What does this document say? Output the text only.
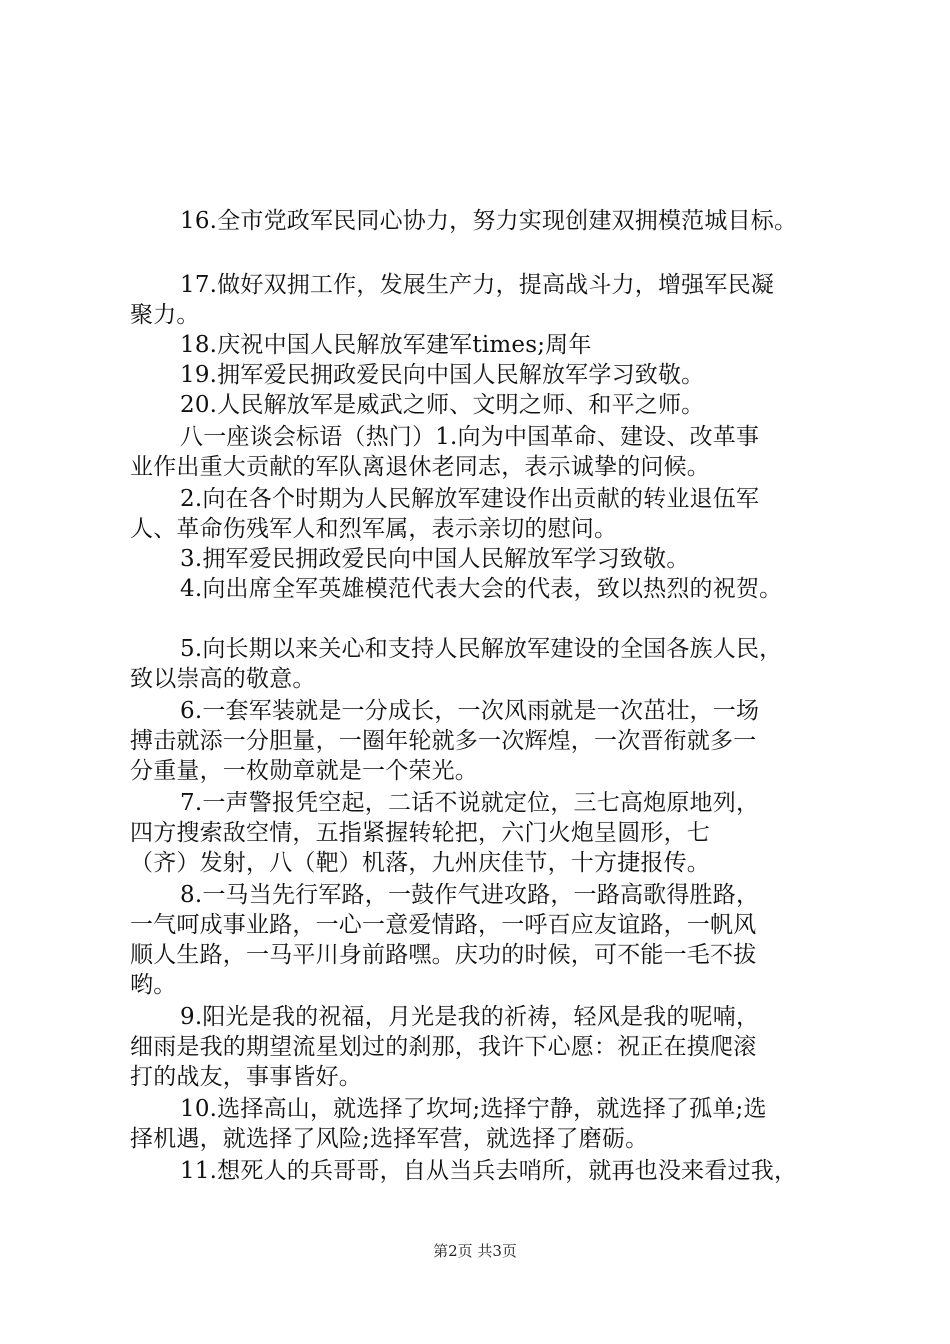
16.全市党政军民同心协力，努力实现创建双拥模范城目标。
17.做好双拥工作，发展生产力，提高战斗力，增强军民凝
聚力。
18.庆祝中国人民解放军建军times;周年
19.拥军爱民拥政爱民向中国人民解放军学习致敬。
20.人民解放军是威武之师、文明之师、和平之师。
八一座谈会标语（热门）1.向为中国革命、建设、改革事
业作出重大贡献的军队离退休老同志，表示诚挚的问候。
2.向在各个时期为人民解放军建设作出贡献的转业退伍军
人、革命伤残军人和烈军属，表示亲切的慰问。
3.拥军爱民拥政爱民向中国人民解放军学习致敬。
4.向出席全军英雄模范代表大会的代表，致以热烈的祝贺。
5.向长期以来关心和支持人民解放军建设的全国各族人民，
致以崇高的敬意。
6.一套军装就是一分成长，一次风雨就是一次茁壮，一场
搏击就添一分胆量，一圈年轮就多一次辉煌，一次晋衔就多一
分重量，一枚勋章就是一个荣光。
7.一声警报凭空起，二话不说就定位，三七高炮原地列，
四方搜索敌空情，五指紧握转轮把，六门火炮呈圆形，七
（齐）发射，八（靶）机落，九州庆佳节，十方捷报传。
8.一马当先行军路，一鼓作气进攻路，一路高歌得胜路，
一气呵成事业路，一心一意爱情路，一呼百应友谊路，一帆风
顺人生路，一马平川身前路嘿。庆功的时候，可不能一毛不拔
哟。
9.阳光是我的祝福，月光是我的祈祷，轻风是我的呢喃，
细雨是我的期望流星划过的刹那，我许下心愿：祝正在摸爬滚
打的战友，事事皆好。
10.选择高山，就选择了坎坷;选择宁静，就选择了孤单;选
择机遇，就选择了风险;选择军营，就选择了磨砺。
11.想死人的兵哥哥，自从当兵去哨所，就再也没来看过我，
第2页 共3页
